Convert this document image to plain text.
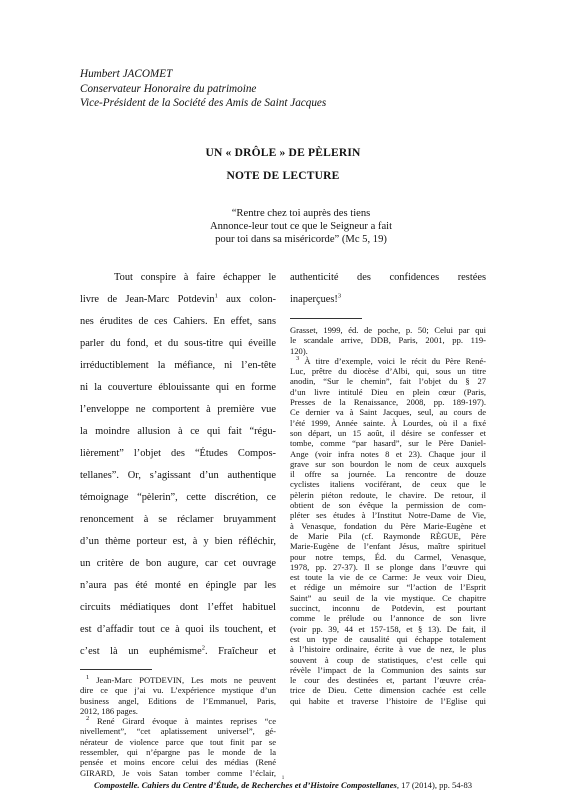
Humbert JACOMET
Conservateur Honoraire du patrimoine
Vice-Président de la Société des Amis de Saint Jacques
UN « DRÔLE » DE PÈLERIN
NOTE DE LECTURE
“Rentre chez toi auprès des tiens
Annonce-leur tout ce que le Seigneur a fait
pour toi dans sa miséricorde” (Mc 5, 19)
Tout conspire à faire échapper le
livre de Jean-Marc Potdevin$^1$ aux colon-
nes érudites de ces Cahiers. En effet, sans
parler du fond, et du sous-titre qui éveille
irréductiblement la méfiance, ni l’en-tête
ni la couverture éblouissante qui en forme
l’enveloppe ne comportent à première vue
la moindre allusion à ce qui fait “régu-
lièrement” l’objet des “Études Compos-
tellanes”. Or, s’agissant d’un authentique
témoignage “pèlerin”, cette discrétion, ce
renoncement à se réclamer bruyamment
d’un thème porteur est, à y bien réfléchir,
un critère de bon augure, car cet ouvrage
n’aura pas été monté en épingle par les
circuits médiatiques dont l’effet habituel
est d’affadir tout ce à quoi ils touchent, et
c’est là un euphémisme$^2$. Fraîcheur et
$^1$ Jean-Marc POTDEVIN, Les mots ne peuvent
dire ce que j’ai vu. L’expérience mystique d’un
business angel, Editions de l’Emmanuel, Paris,
2012, 186 pages.
$^2$ René Girard évoque à maintes reprises “ce
nivellement”, “cet aplatissement universel”, gé-
nérateur de violence parce que tout finit par se
ressembler, qui n’épargne pas le monde de la
pensée et moins encore celui des médias (René
GIRARD, Je vois Satan tomber comme l’éclair,
authenticité des confidences restées
inaperçues!$^3$
Grasset, 1999, éd. de poche, p. 50; Celui par qui
le scandale arrive, DDB, Paris, 2001, pp. 119-
120).
$^3$ À titre d’exemple, voici le récit du Père René-
Luc, prêtre du diocèse d’Albi, qui, sous un titre
anodin, “Sur le chemin”, fait l’objet du § 27
d’un livre intitulé Dieu en plein cœur (Paris,
Presses de la Renaissance, 2008, pp. 189-197).
Ce dernier va à Saint Jacques, seul, au cours de
l’été 1999, Année sainte. À Lourdes, où il a fixé
son départ, un 15 août, il désire se confesser et
tombe, comme “par hasard”, sur le Père Daniel-
Ange (voir infra notes 8 et 23). Chaque jour il
grave sur son bourdon le nom de ceux auxquels
il offre sa journée. La rencontre de douze
cyclistes italiens vociférant, de ceux que le
pèlerin piéton redoute, le chavire. De retour, il
obtient de son évêque la permission de com-
pléter ses études à l’Institut Notre-Dame de Vie,
à Venasque, fondation du Père Marie-Eugène et
de Marie Pila (cf. Raymonde RÈGUE, Père
Marie-Eugène de l’enfant Jésus, maître spirituel
pour notre temps, Éd. du Carmel, Venasque,
1978, pp. 27-37). Il se plonge dans l’œuvre qui
est toute la vie de ce Carme: Je veux voir Dieu,
et rédige un mémoire sur “l’action de l’Esprit
Saint” au seuil de la vie mystique. Ce chapitre
succinct, inconnu de Potdevin, est pourtant
comme le prélude ou l’annonce de son livre
(voir pp. 39, 44 et 157-158, et § 13). De fait, il
est un type de causalité qui échappe totalement
à l’histoire ordinaire, écrite à vue de nez, le plus
souvent à coup de statistiques, c’est celle qui
révèle l’impact de la Communion des saints sur
le cour des destinées et, partant l’œuvre créa-
trice de Dieu. Cette dimension cachée est celle
qui habite et traverse l’histoire de l’Eglise qui
1
Compostelle. Cahiers du Centre d’Étude, de Recherches et d’Histoire Compostellanes, 17 (2014), pp. 54-83
